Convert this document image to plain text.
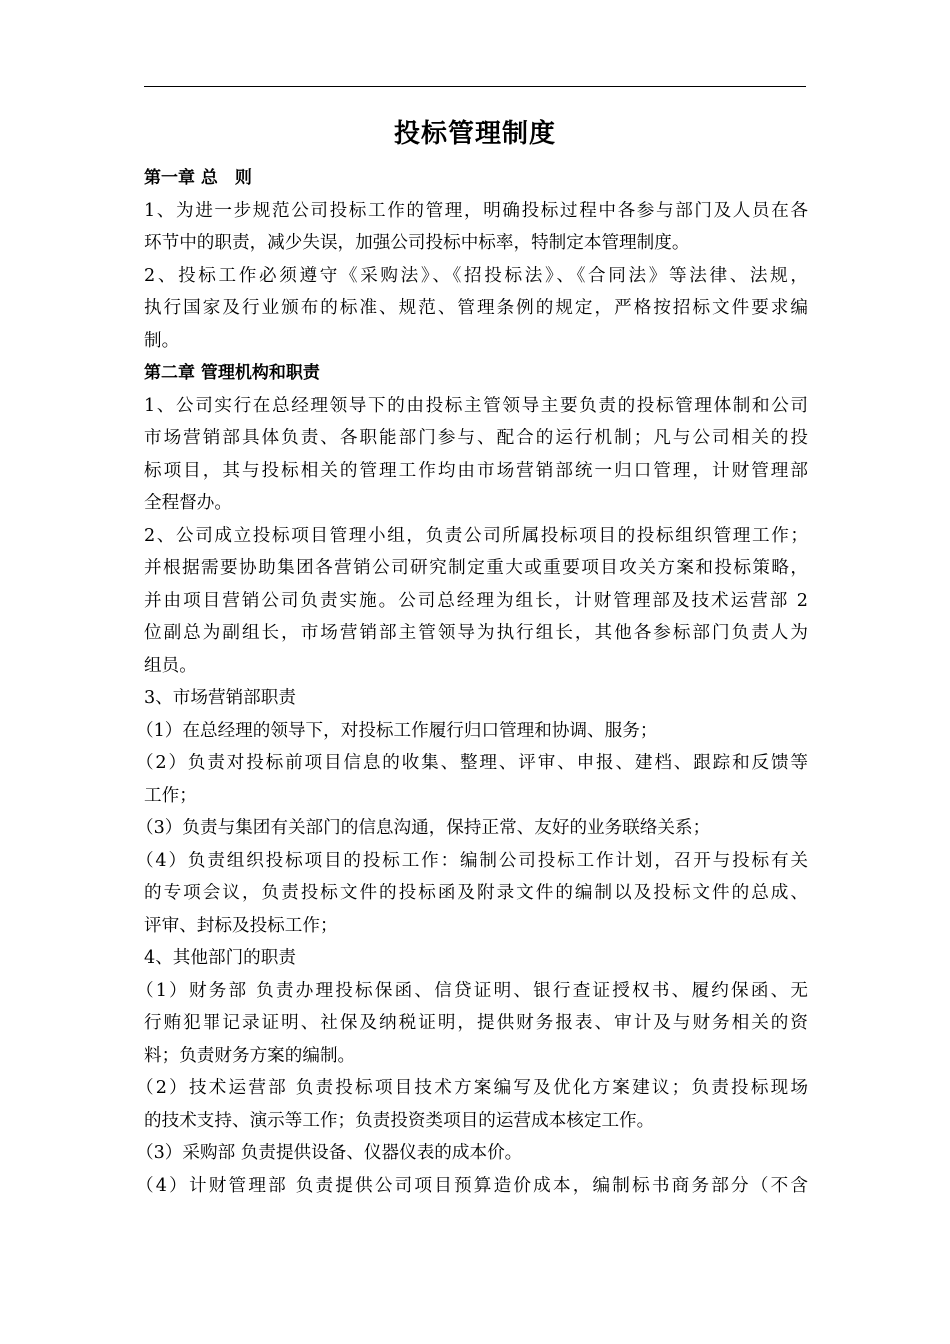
投标管理制度

第一章 总　则

1、为进一步规范公司投标工作的管理，明确投标过程中各参与部门及人员在各

环节中的职责，减少失误，加强公司投标中标率，特制定本管理制度。

2、投标工作必须遵守《采购法》、《招投标法》、《合同法》等法律、法规，

执行国家及行业颁布的标准、规范、管理条例的规定，严格按招标文件要求编

制。

第二章 管理机构和职责

1、公司实行在总经理领导下的由投标主管领导主要负责的投标管理体制和公司

市场营销部具体负责、各职能部门参与、配合的运行机制；凡与公司相关的投

标项目，其与投标相关的管理工作均由市场营销部统一归口管理，计财管理部

全程督办。

2、公司成立投标项目管理小组，负责公司所属投标项目的投标组织管理工作；

并根据需要协助集团各营销公司研究制定重大或重要项目攻关方案和投标策略，

并由项目营销公司负责实施。公司总经理为组长，计财管理部及技术运营部 2

位副总为副组长，市场营销部主管领导为执行组长，其他各参标部门负责人为

组员。

3、市场营销部职责

（1）在总经理的领导下，对投标工作履行归口管理和协调、服务；

（2）负责对投标前项目信息的收集、整理、评审、申报、建档、跟踪和反馈等

工作；

（3）负责与集团有关部门的信息沟通，保持正常、友好的业务联络关系；

（4）负责组织投标项目的投标工作：编制公司投标工作计划，召开与投标有关

的专项会议，负责投标文件的投标函及附录文件的编制以及投标文件的总成、

评审、封标及投标工作；

4、其他部门的职责

（1）财务部 负责办理投标保函、信贷证明、银行查证授权书、履约保函、无

行贿犯罪记录证明、社保及纳税证明，提供财务报表、审计及与财务相关的资

料；负责财务方案的编制。

（2）技术运营部 负责投标项目技术方案编写及优化方案建议；负责投标现场

的技术支持、演示等工作；负责投资类项目的运营成本核定工作。

（3）采购部 负责提供设备、仪器仪表的成本价。

（4）计财管理部 负责提供公司项目预算造价成本，编制标书商务部分（不含
